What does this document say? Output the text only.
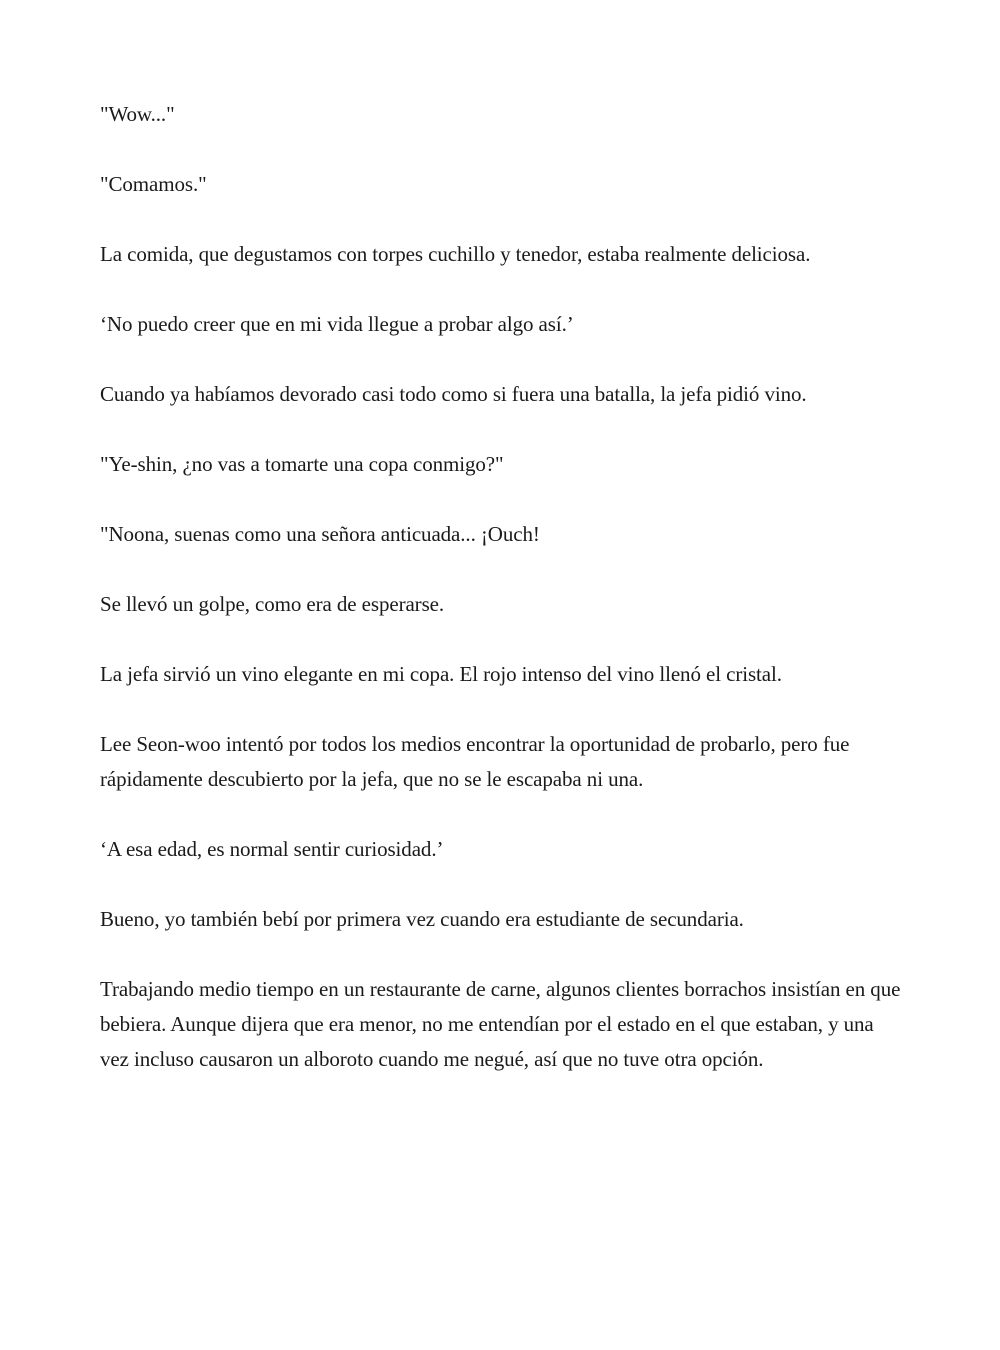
"Wow..."

"Comamos."

La comida, que degustamos con torpes cuchillo y tenedor, estaba realmente deliciosa.

‘No puedo creer que en mi vida llegue a probar algo así.’

Cuando ya habíamos devorado casi todo como si fuera una batalla, la jefa pidió vino.

"Ye-shin, ¿no vas a tomarte una copa conmigo?"

"Noona, suenas como una señora anticuada... ¡Ouch!

Se llevó un golpe, como era de esperarse.

La jefa sirvió un vino elegante en mi copa. El rojo intenso del vino llenó el cristal.

Lee Seon-woo intentó por todos los medios encontrar la oportunidad de probarlo, pero fue rápidamente descubierto por la jefa, que no se le escapaba ni una.

‘A esa edad, es normal sentir curiosidad.’

Bueno, yo también bebí por primera vez cuando era estudiante de secundaria.

Trabajando medio tiempo en un restaurante de carne, algunos clientes borrachos insistían en que bebiera. Aunque dijera que era menor, no me entendían por el estado en el que estaban, y una vez incluso causaron un alboroto cuando me negué, así que no tuve otra opción.
